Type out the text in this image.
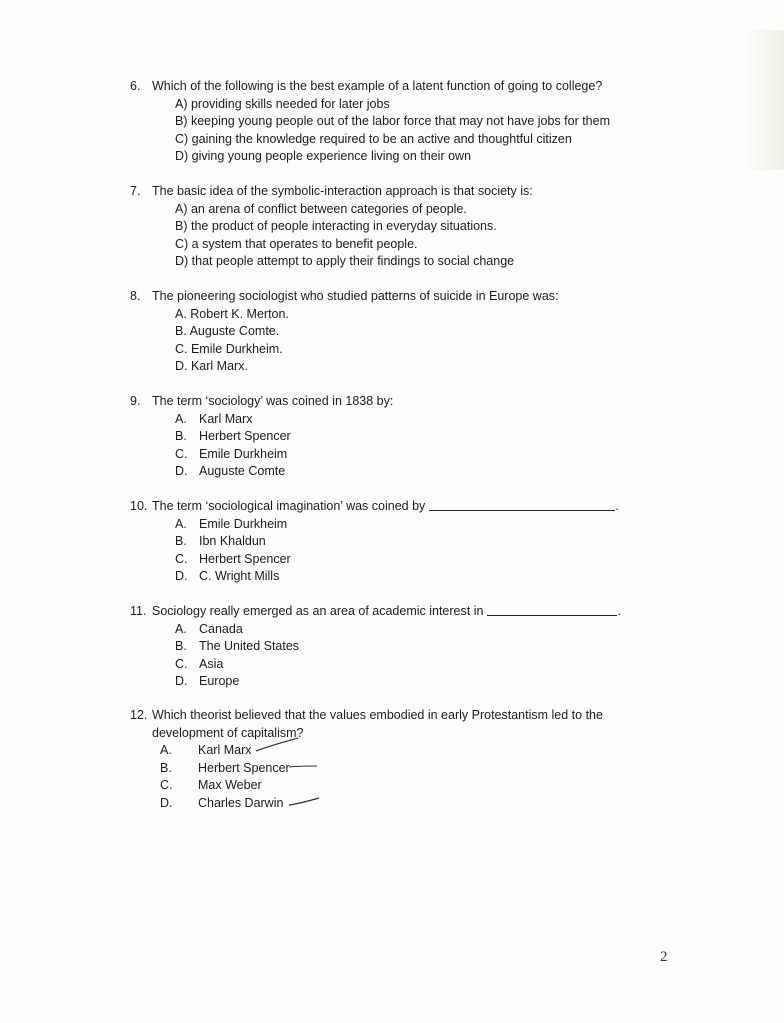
6. Which of the following is the best example of a latent function of going to college?
A) providing skills needed for later jobs
B) keeping young people out of the labor force that may not have jobs for them
C) gaining the knowledge required to be an active and thoughtful citizen
D) giving young people experience living on their own
7. The basic idea of the symbolic-interaction approach is that society is:
A) an arena of conflict between categories of people.
B) the product of people interacting in everyday situations.
C) a system that operates to benefit people.
D) that people attempt to apply their findings to social change
8. The pioneering sociologist who studied patterns of suicide in Europe was:
A. Robert K. Merton.
B. Auguste Comte.
C. Emile Durkheim.
D. Karl Marx.
9. The term ‘sociology’ was coined in 1838 by:
A. Karl Marx
B. Herbert Spencer
C. Emile Durkheim
D. Auguste Comte
10. The term ‘sociological imagination’ was coined by	.
A. Emile Durkheim
B. Ibn Khaldun
C. Herbert Spencer
D. C. Wright Mills
11. Sociology really emerged as an area of academic interest in	.
A. Canada
B. The United States
C. Asia
D. Europe
12. Which theorist believed that the values embodied in early Protestantism led to the
development of capitalism?
A. Karl Marx
B. Herbert Spencer
C. Max Weber
D. Charles Darwin
2
